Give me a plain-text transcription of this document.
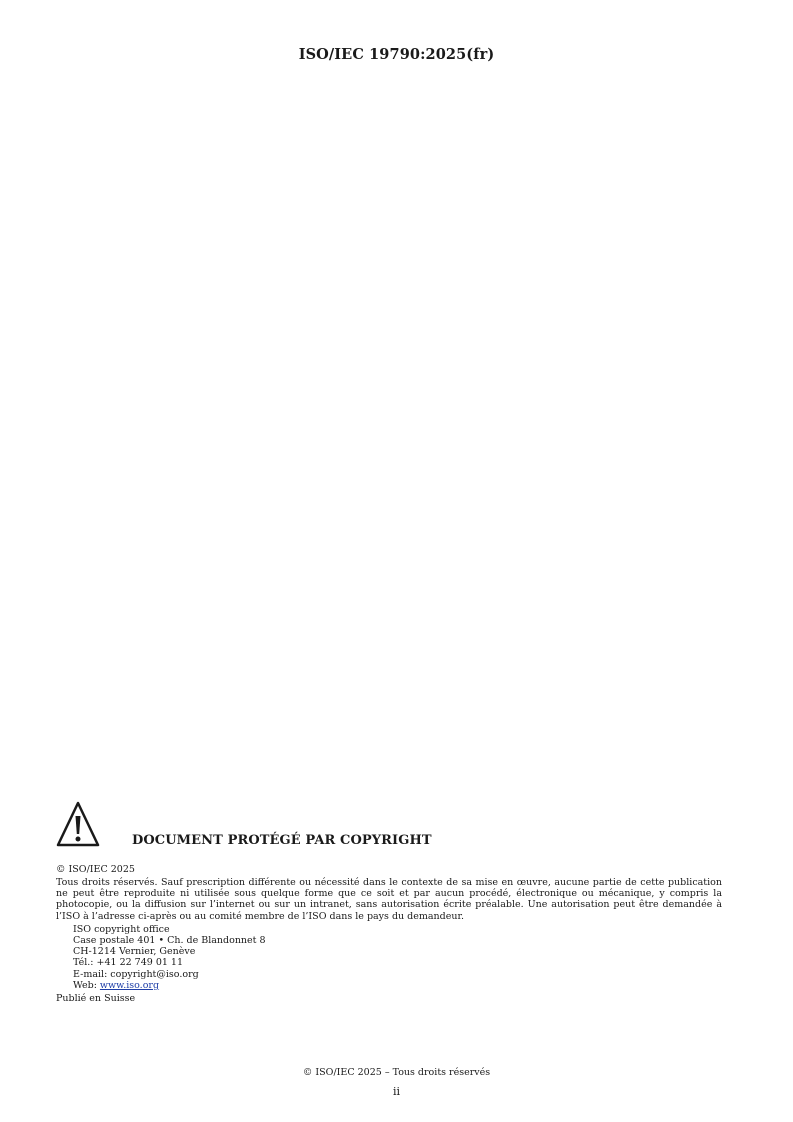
ISO/IEC 19790:2025(fr)
DOCUMENT PROTÉGÉ PAR COPYRIGHT
© ISO/IEC 2025
Tous droits réservés. Sauf prescription différente ou nécessité dans le contexte de sa mise en œuvre, aucune partie de cette publication ne peut être reproduite ni utilisée sous quelque forme que ce soit et par aucun procédé, électronique ou mécanique, y compris la photocopie, ou la diffusion sur l’internet ou sur un intranet, sans autorisation écrite préalable. Une autorisation peut être demandée à l’ISO à l’adresse ci-après ou au comité membre de l’ISO dans le pays du demandeur.
ISO copyright office
Case postale 401 • Ch. de Blandonnet 8
CH-1214 Vernier, Genève
Tél.: +41 22 749 01 11
E-mail: copyright@iso.org
Web: www.iso.org
Publié en Suisse
© ISO/IEC 2025 – Tous droits réservés
ii
